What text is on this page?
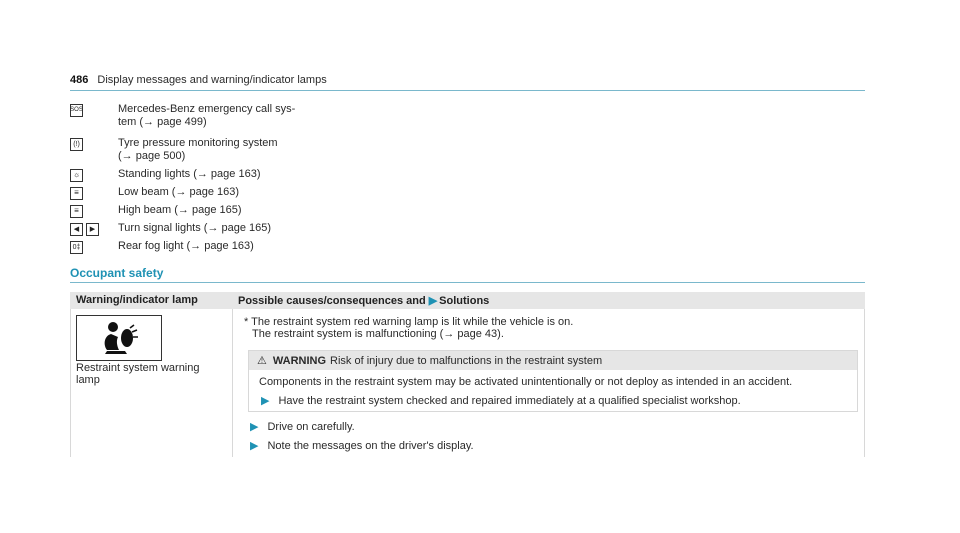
486 Display messages and warning/indicator lamps
SOS	Mercedes-Benz emergency call sys-
tem (→ page 499)
(!)	Tyre pressure monitoring system
(→ page 500)
☼	Standing lights (→ page 163)
≡	Low beam (→ page 163)
≡	High beam (→ page 165)
◀	▶	Turn signal lights (→ page 165)
0‡	Rear fog light (→ page 163)
Occupant safety
Warning/indicator lamp	Possible causes/consequences and ▶ Solutions
Restraint system warning lamp
* The restraint system red warning lamp is lit while the vehicle is on.
The restraint system is malfunctioning (→ page 43).
⚠ WARNING Risk of injury due to malfunctions in the restraint system
Components in the restraint system may be activated unintentionally or not deploy as intended in an accident.
▶ Have the restraint system checked and repaired immediately at a qualified specialist workshop.
▶ Drive on carefully.
▶ Note the messages on the driver's display.
